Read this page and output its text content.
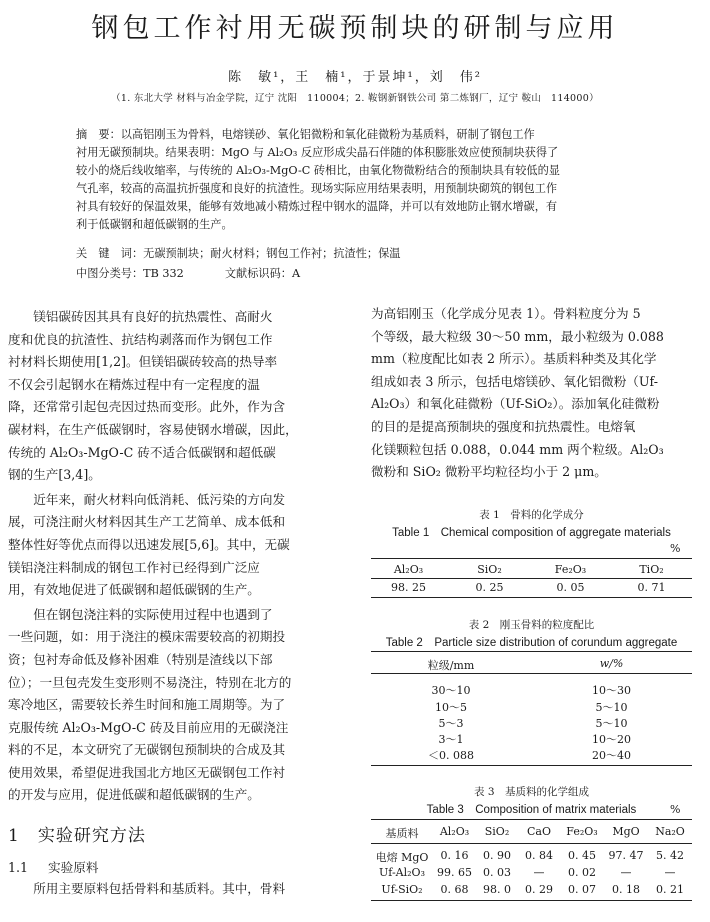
钢包工作衬用无碳预制块的研制与应用
陈　敏¹，王　楠¹，于景坤¹，刘　伟²
（1. 东北大学 材料与冶金学院，辽宁 沈阳　110004；2. 鞍钢新钢铁公司 第二炼钢厂，辽宁 鞍山　114000）
摘　要：以高铝刚玉为骨料，电熔镁砂、氧化铝微粉和氧化硅微粉为基质料，研制了钢包工作
衬用无碳预制块。结果表明：MgO 与 Al₂O₃ 反应形成尖晶石伴随的体积膨胀效应使预制块获得了
较小的烧后线收缩率，与传统的 Al₂O₃-MgO-C 砖相比，由氧化物微粉结合的预制块具有较低的显
气孔率，较高的高温抗折强度和良好的抗渣性。现场实际应用结果表明，用预制块砌筑的钢包工作
衬具有较好的保温效果，能够有效地减小精炼过程中钢水的温降，并可以有效地防止钢水增碳，有
利于低碳钢和超低碳钢的生产。
关　键　词：无碳预制块；耐火材料；钢包工作衬；抗渣性；保温
中图分类号：TB 332	文献标识码：A

镁铝碳砖因其具有良好的抗热震性、高耐火
度和优良的抗渣性、抗结构剥落而作为钢包工作
衬材料长期使用[1,2]。但镁铝碳砖较高的热导率
不仅会引起钢水在精炼过程中有一定程度的温
降，还常常引起包壳因过热而变形。此外，作为含
碳材料，在生产低碳钢时，容易使钢水增碳，因此，
传统的 Al₂O₃-MgO-C 砖不适合低碳钢和超低碳
钢的生产[3,4]。

近年来，耐火材料向低消耗、低污染的方向发
展，可浇注耐火材料因其生产工艺简单、成本低和
整体性好等优点而得以迅速发展[5,6]。其中，无碳
镁铝浇注料制成的钢包工作衬已经得到广泛应
用，有效地促进了低碳钢和超低碳钢的生产。

但在钢包浇注料的实际使用过程中也遇到了
一些问题，如：用于浇注的模床需要较高的初期投
资；包衬寿命低及修补困难（特别是渣线以下部
位）；一旦包壳发生变形则不易浇注，特别在北方的
寒冷地区，需要较长养生时间和施工周期等。为了
克服传统 Al₂O₃-MgO-C 砖及目前应用的无碳浇注
料的不足，本文研究了无碳钢包预制块的合成及其
使用效果，希望促进我国北方地区无碳钢包工作衬
的开发与应用，促进低碳和超低碳钢的生产。

1 实验研究方法
1.1 实验原料

所用主要原料包括骨料和基质料。其中，骨料

为高铝刚玉（化学成分见表 1）。骨料粒度分为 5
个等级，最大粒级 30～50 mm，最小粒级为 0.088
mm（粒度配比如表 2 所示）。基质料种类及其化学
组成如表 3 所示，包括电熔镁砂、氧化铝微粉（Uf-
Al₂O₃）和氧化硅微粉（Uf-SiO₂）。添加氧化硅微粉
的目的是提高预制块的强度和抗热震性。电熔氧
化镁颗粒包括 0.088，0.044 mm 两个粒级。Al₂O₃
微粉和 SiO₂ 微粉平均粒径均小于 2 μm。
表 1　骨料的化学成分
Table 1　Chemical composition of aggregate materials
%
Al₂O₃	SiO₂	Fe₂O₃	TiO₂
98. 25	0. 25	0. 05	0. 71
表 2　刚玉骨料的粒度配比
Table 2　Particle size distribution of corundum aggregate
粒级/mm	w/%
30～10	10～30
10～5	5～10
5～3	5～10
3～1	10～20
＜0. 088	20～40
表 3　基质料的化学组成
Table 3　Composition of matrix materials	%
基质料	Al₂O₃	SiO₂	CaO	Fe₂O₃	MgO	Na₂O
电熔 MgO	0. 16	0. 90	0. 84	0. 45	97. 47	5. 42
Uf-Al₂O₃	99. 65	0. 03	—	0. 02	—	—
Uf-SiO₂	0. 68	98. 0	0. 29	0. 07	0. 18	0. 21
